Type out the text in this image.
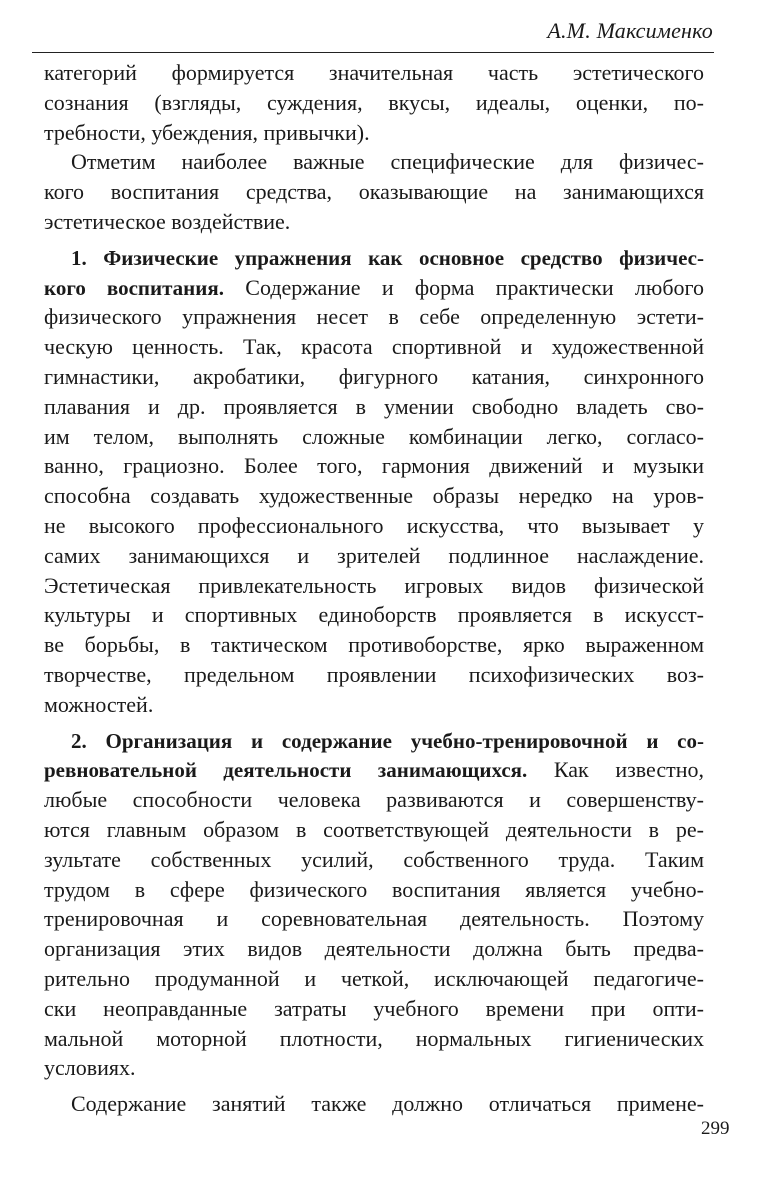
А.М. Максименко
категорий формируется значительная часть эстетического
сознания (взгляды, суждения, вкусы, идеалы, оценки, по-
требности, убеждения, привычки).
Отметим наиболее важные специфические для физичес-
кого воспитания средства, оказывающие на занимающихся
эстетическое воздействие.
1. Физические упражнения как основное средство физичес-
кого воспитания. Содержание и форма практически любого
физического упражнения несет в себе определенную эстети-
ческую ценность. Так, красота спортивной и художественной
гимнастики, акробатики, фигурного катания, синхронного
плавания и др. проявляется в умении свободно владеть сво-
им телом, выполнять сложные комбинации легко, согласо-
ванно, грациозно. Более того, гармония движений и музыки
способна создавать художественные образы нередко на уров-
не высокого профессионального искусства, что вызывает у
самих занимающихся и зрителей подлинное наслаждение.
Эстетическая привлекательность игровых видов физической
культуры и спортивных единоборств проявляется в искусст-
ве борьбы, в тактическом противоборстве, ярко выраженном
творчестве, предельном проявлении психофизических воз-
можностей.
2. Организация и содержание учебно-тренировочной и со-
ревновательной деятельности занимающихся. Как известно,
любые способности человека развиваются и совершенству-
ются главным образом в соответствующей деятельности в ре-
зультате собственных усилий, собственного труда. Таким
трудом в сфере физического воспитания является учебно-
тренировочная и соревновательная деятельность. Поэтому
организация этих видов деятельности должна быть предва-
рительно продуманной и четкой, исключающей педагогиче-
ски неоправданные затраты учебного времени при опти-
мальной моторной плотности, нормальных гигиенических
условиях.
Содержание занятий также должно отличаться примене-
299
